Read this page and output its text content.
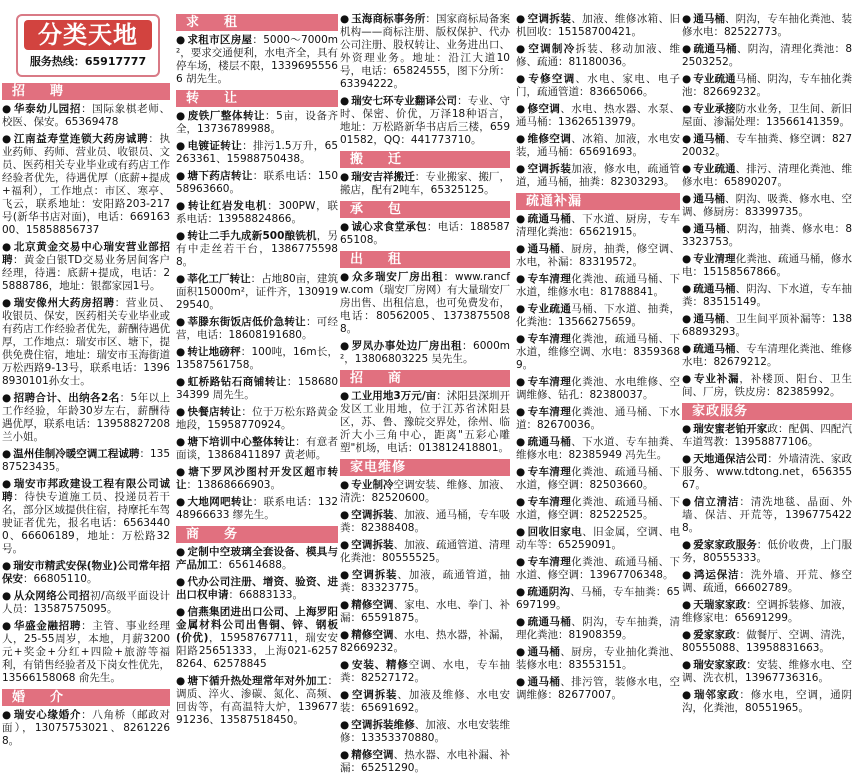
分类天地
服务热线：65917777
招　聘
● 华泰幼儿园招：国际象棋老师、校医、保安。65369478
● 江南益寿堂连锁大药房诚聘：执业药师、药师、营业员、收银员、文员、医药相关专业毕业或有药店工作经验者优先，待遇优厚（底薪+提成+福利），工作地点：市区、寒亭、飞云，联系地址：安阳路203-217号(新华书店对面)，电话：66916300、15858856737
● 北京黄金交易中心瑞安营业部招聘：黄金白银TD交易业务居间客户经理，待遇：底薪+提成，电话：25888786，地址：银都家园1号。
● 瑞安像州大药房招聘：营业员、收银员、保安，医药相关专业毕业或有药店工作经验者优先，薪酬待遇优厚，工作地点：瑞安市区、塘下，提供免费住宿，地址：瑞安市玉海街道万松西路9-13号，联系电话：13968930101孙女士。
● 招聘合计、出纳各2名：5年以上工作经验，年龄30岁左右，薪酬待遇优厚，联系电话：13958827208兰小姐。
● 温州佳制冷暖空调工程诚聘：13587523435。
● 瑞安市邦政建设工程有限公司诚聘：待快专道施工员、投递员若干名，部分区域提供住宿，持摩托车驾驶证者优先，报名电话：65634400、66606189，地址：万松路32号。
● 瑞安市精武安保(物业)公司常年招保安：66805110。
● 从众网络公司招初/高级平面设计人员：13587575095。
● 华盛金融招聘：主管、事业经理人，25-55周岁，本地，月薪3200元+奖金+分红+四险+旅游等福利，有销售经验者及下岗女性优先，13566158068 俞先生。
婚　介
● 瑞安心缘婚介：八角桥（邮政对面），13075753021、82612268。
求　租
● 求租市区房屋：5000～7000m²，要求交通便利，水电齐全，具有停车场，楼层不限，13396955566 胡先生。
转　让
● 废铁厂整体转让：5亩，设备齐全，13736789988。
● 电镀证转让：排污1.5万升，65263361、15988750438。
● 塘下药店转让：联系电话：15058963660。
● 转让红岩发电机：300PW，联系电话：13958824866。
● 转让二手九成新500酿铣机，另有中走丝若干台，13867755988。
● 莘化工厂转让：占地80亩，建筑面积15000m²，证件齐，13091929540。
● 莘滕东街饭店低价急转让：可经营，电话：18608191680。
● 转让地磅秤：100吨，16m长，13587561758。
● 虹桥路钻石商铺转让：15868034399 周先生。
● 快餐店转让：位于万松东路黄金地段，15958770924。
● 塘下培训中心整体转让：有意者面谈，13868411897 黄老师。
● 塘下罗风沙图村开发区超市转让：13868666903。
● 大地网吧转让：联系电话：13248966633 缪先生。
商　务
● 定制中空玻璃全套设备、模具与产品加工：65614688。
● 代办公司注册、增资、验资、进出口权申请：66883133。
● 信燕集团进出口公司、上海罗阳金属材料公司出售铜、锌、钢板(价优)，15958767711，瑞安安阳路25651333，上海021-62578264、62578845
● 塘下循升热处理常年对外加工：调质、淬火、渗碳、氮化、高频、回齿等，有高温特大炉，13967791236、13587518450。
● 玉海商标事务所：国家商标局备案机构——商标注册、版权保护、代办公司注册、股权转让、业务进出口、外资理业务。地址：沿江大道10号，电话：65824555，图下分所：63394222。
● 瑞安七环专业翻译公司：专业、守时、保密、价优，万泽18种语言，地址：万松路新华书店后三楼，65901582，QQ：441773710。
搬　迁
● 瑞安吉祥搬迁：专业搬家、搬厂，搬店，配有2吨车，65325125。
承　包
● 诚心求食堂承包：电话：18858765108。
出　租
● 众多瑞安厂房出租：www.rancfw.com（瑞安厂房网）有大量瑞安厂房出售、出租信息，也可免费发布，电话：80562005、13738755088。
● 罗凤办事处边厂房出租：6000m²，13806803225 吴先生。
招　商
● 工业用地3万元/亩：沭阳县深圳开发区工业用地，位于江苏省沭阳县区，苏、鲁、豫皖交界处，徐州、临沂大小三角中心，距离"五彩心雕塑"机场，电话：013812418801。
家电维修
● 专业制冷空调安装、维修、加液、清洗：82520600。
● 空调拆装、加液、通马桶，专车吸粪：82388408。
● 空调拆装、加液、疏通管道、清理化粪池：80555525。
● 空调拆装、加液，疏通管道，抽粪：83323775。
● 精修空调、家电、水电、拳门、补漏：65591875。
● 精修空调、水电、热水器，补漏，82669232。
● 安装、精修空调、水电，专车抽粪：82527172。
● 空调拆装、加液及维修、水电安装：65691692。
● 空调拆装维修、加液、水电安装维修：13353370880。
● 精修空调、热水器、水电补漏、补漏：65251290。
● 空调拆装、加液、维修冰箱、旧机回收：15158700421。
● 空调制冷拆装、移动加液、维修、疏通：81180036。
● 专修空调、水电、家电、电子门，疏通管道：83665066。
● 修空调、水电、热水器、水泵、通马桶：13626513979。
● 维修空调、冰箱、加液，水电安装，通马桶：65691693。
● 空调拆装加液，修水电，疏通管道，通马桶，抽粪：82303293。
疏通补漏
● 疏通马桶、下水道、厨房，专车清理化粪池：65621915。
● 通马桶、厨房，抽粪，修空调、水电，补漏：83319572。
● 专车清理化粪池、疏通马桶、下水道，维修水电：81788841。
● 专业疏通马桶、下水道、抽粪，化粪池：13566275659。
● 专车清理化粪池，疏通马桶、下水道，维修空调、水电：83593689。
● 专车清理化粪池、水电维修、空调维修、钻孔：82380037。
● 专车清理化粪池、通马桶、下水道：82670036。
● 疏通马桶、下水道、专车抽粪、维修水电：82385949 冯先生。
● 专车清理化粪池、疏通马桶、下水道，修空调：82503660。
● 专车清理化粪池、疏通马桶、下水道，修空调：82522525。
● 回收旧家电、旧金属，空调、电动车等：65259091。
● 专车清理化粪池、疏通马桶、下水道、修空调：13967706348。
● 疏通阴沟、马桶，专车抽粪：65697199。
● 疏通马桶、阴沟，专车抽粪，清理化粪池：81908359。
● 通马桶、厨房，专业抽化粪池、装修水电：83553151。
● 通马桶、排污管，装修水电，空调维修：82677007。
● 通马桶、阴沟，专车抽化粪池、装修水电：82522773。
● 疏通马桶、阴沟，清理化粪池：82503252。
● 专业疏通马桶、阴沟，专车抽化粪池：82669232。
● 专业承接防水业务，卫生间、新旧屋面、渗漏处理：13566141359。
● 通马桶、专车抽粪、修空调：82720032。
● 专业疏通、排污、清理化粪池、维修水电：65890207。
● 通马桶、阴沟、吸粪、修水电、空调、修厨房：83399735。
● 通马桶、阴沟，抽粪、修水电：83323753。
● 专业清理化粪池、疏通马桶，修水电：15158567866。
● 疏通马桶、阴沟、下水道，专车抽粪：83515149。
● 通马桶、卫生间平顶补漏等：13868893293。
● 疏通马桶、专车清理化粪池、维修水电：82679212。
● 专业补漏，补楼顶、阳台、卫生间、厂房，铁皮房：82385992。
家政服务
● 瑞安蜜老铂开家政：配偶、四配汽车道驾教：13958877106。
● 天地通保洁公司：外墙清洗、家政服务、www.tdtong.net，65635567。
● 信立清洁：清洗地毯、晶面、外墙、保洁、开荒等，13967754228。
● 爱家家政服务：低价收费，上门服务，80555333。
● 鸿运保洁：洗外墙、开荒、修空调、疏通，66602789。
● 天瑞家家政：空调拆装修、加液，维修家电：65691299。
● 爱家家政：做餐厅、空调、清洗，80555088、13958831663。
● 瑞安家家政：安装、维修水电、空调、洗衣机，13967736316。
● 瑞邻家政：修水电，空调，通阴沟，化粪池，80551965。
